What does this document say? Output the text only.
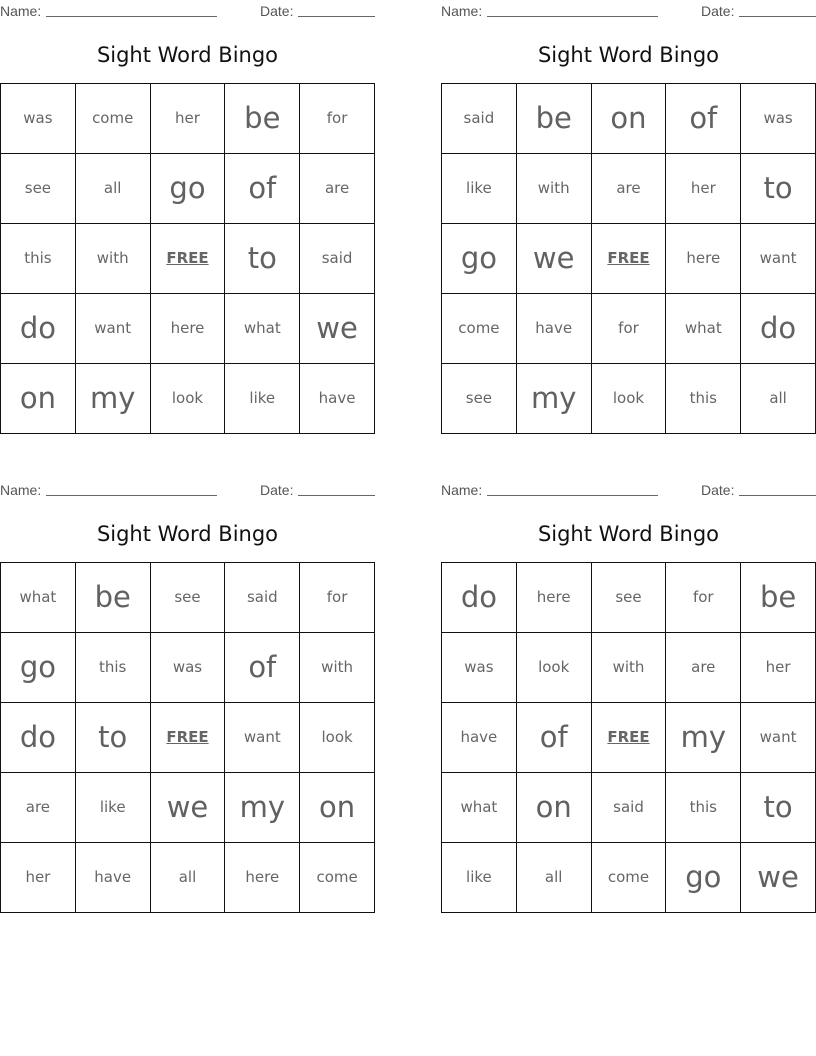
Name:	Date:
Sight Word Bingo
was	come	her	be	for
see	all	go	of	are
this	with	FREE	to	said
do	want	here	what	we
on	my	look	like	have
Name:	Date:
Sight Word Bingo
said	be	on	of	was
like	with	are	her	to
go	we	FREE	here	want
come	have	for	what	do
see	my	look	this	all
Name:	Date:
Sight Word Bingo
what	be	see	said	for
go	this	was	of	with
do	to	FREE	want	look
are	like	we	my	on
her	have	all	here	come
Name:	Date:
Sight Word Bingo
do	here	see	for	be
was	look	with	are	her
have	of	FREE	my	want
what	on	said	this	to
like	all	come	go	we
